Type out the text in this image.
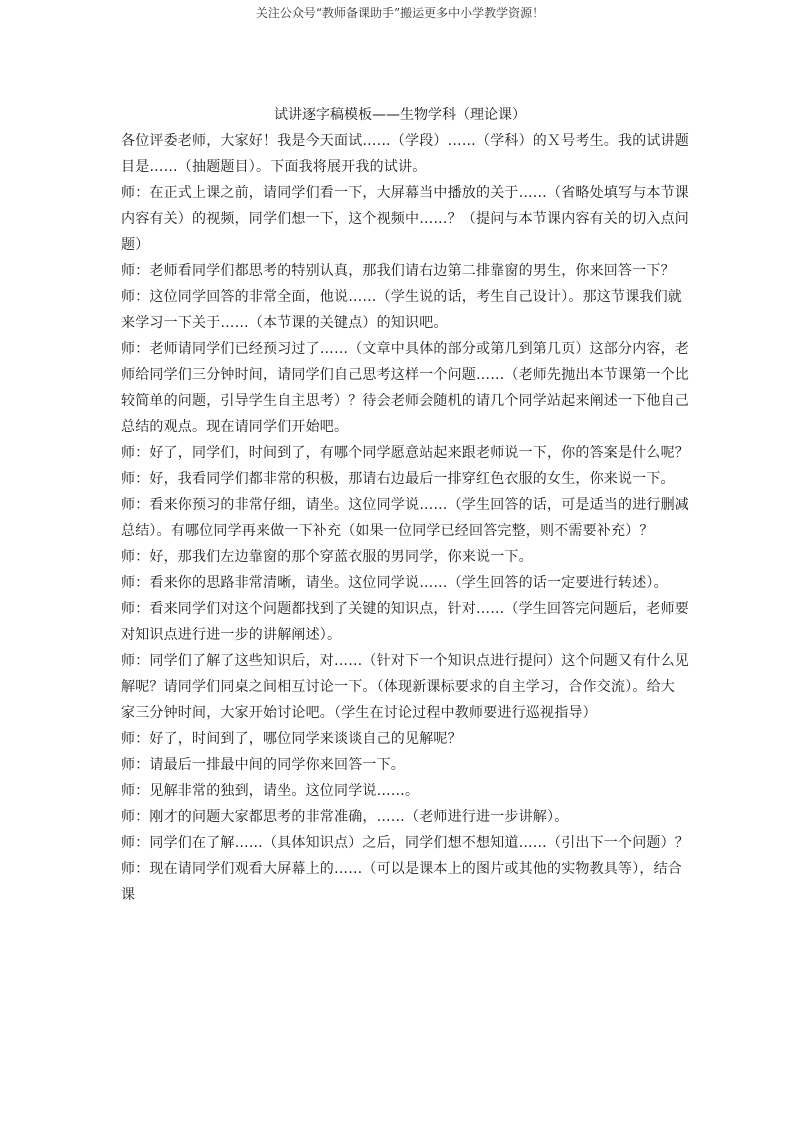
关注公众号“教师备课助手”搬运更多中小学教学资源！
试讲逐字稿模板——生物学科（理论课）

各位评委老师，大家好！我是今天面试……（学段）……（学科）的Ｘ号考生。我的试讲题目是……（抽题题目）。下面我将展开我的试讲。

师：在正式上课之前，请同学们看一下，大屏幕当中播放的关于……（省略处填写与本节课内容有关）的视频，同学们想一下，这个视频中……？（提问与本节课内容有关的切入点问题）

师：老师看同学们都思考的特别认真，那我们请右边第二排靠窗的男生，你来回答一下？

师：这位同学回答的非常全面，他说……（学生说的话，考生自己设计）。那这节课我们就来学习一下关于……（本节课的关键点）的知识吧。

师：老师请同学们已经预习过了……（文章中具体的部分或第几到第几页）这部分内容，老师给同学们三分钟时间，请同学们自己思考这样一个问题……（老师先抛出本节课第一个比较简单的问题，引导学生自主思考）？待会老师会随机的请几个同学站起来阐述一下他自己总结的观点。现在请同学们开始吧。

师：好了，同学们，时间到了，有哪个同学愿意站起来跟老师说一下，你的答案是什么呢？

师：好，我看同学们都非常的积极，那请右边最后一排穿红色衣服的女生，你来说一下。

师：看来你预习的非常仔细，请坐。这位同学说……（学生回答的话，可是适当的进行删减总结）。有哪位同学再来做一下补充（如果一位同学已经回答完整，则不需要补充）？

师：好，那我们左边靠窗的那个穿蓝衣服的男同学，你来说一下。

师：看来你的思路非常清晰，请坐。这位同学说……（学生回答的话一定要进行转述）。

师：看来同学们对这个问题都找到了关键的知识点，针对……（学生回答完问题后，老师要对知识点进行进一步的讲解阐述）。

师：同学们了解了这些知识后，对……（针对下一个知识点进行提问）这个问题又有什么见解呢？请同学们同桌之间相互讨论一下。（体现新课标要求的自主学习，合作交流）。给大家三分钟时间，大家开始讨论吧。（学生在讨论过程中教师要进行巡视指导）

师：好了，时间到了，哪位同学来谈谈自己的见解呢？

师：请最后一排最中间的同学你来回答一下。

师：见解非常的独到，请坐。这位同学说……。

师：刚才的问题大家都思考的非常准确，……（老师进行进一步讲解）。

师：同学们在了解……（具体知识点）之后，同学们想不想知道……（引出下一个问题）？

师：现在请同学们观看大屏幕上的……（可以是课本上的图片或其他的实物教具等），结合课
